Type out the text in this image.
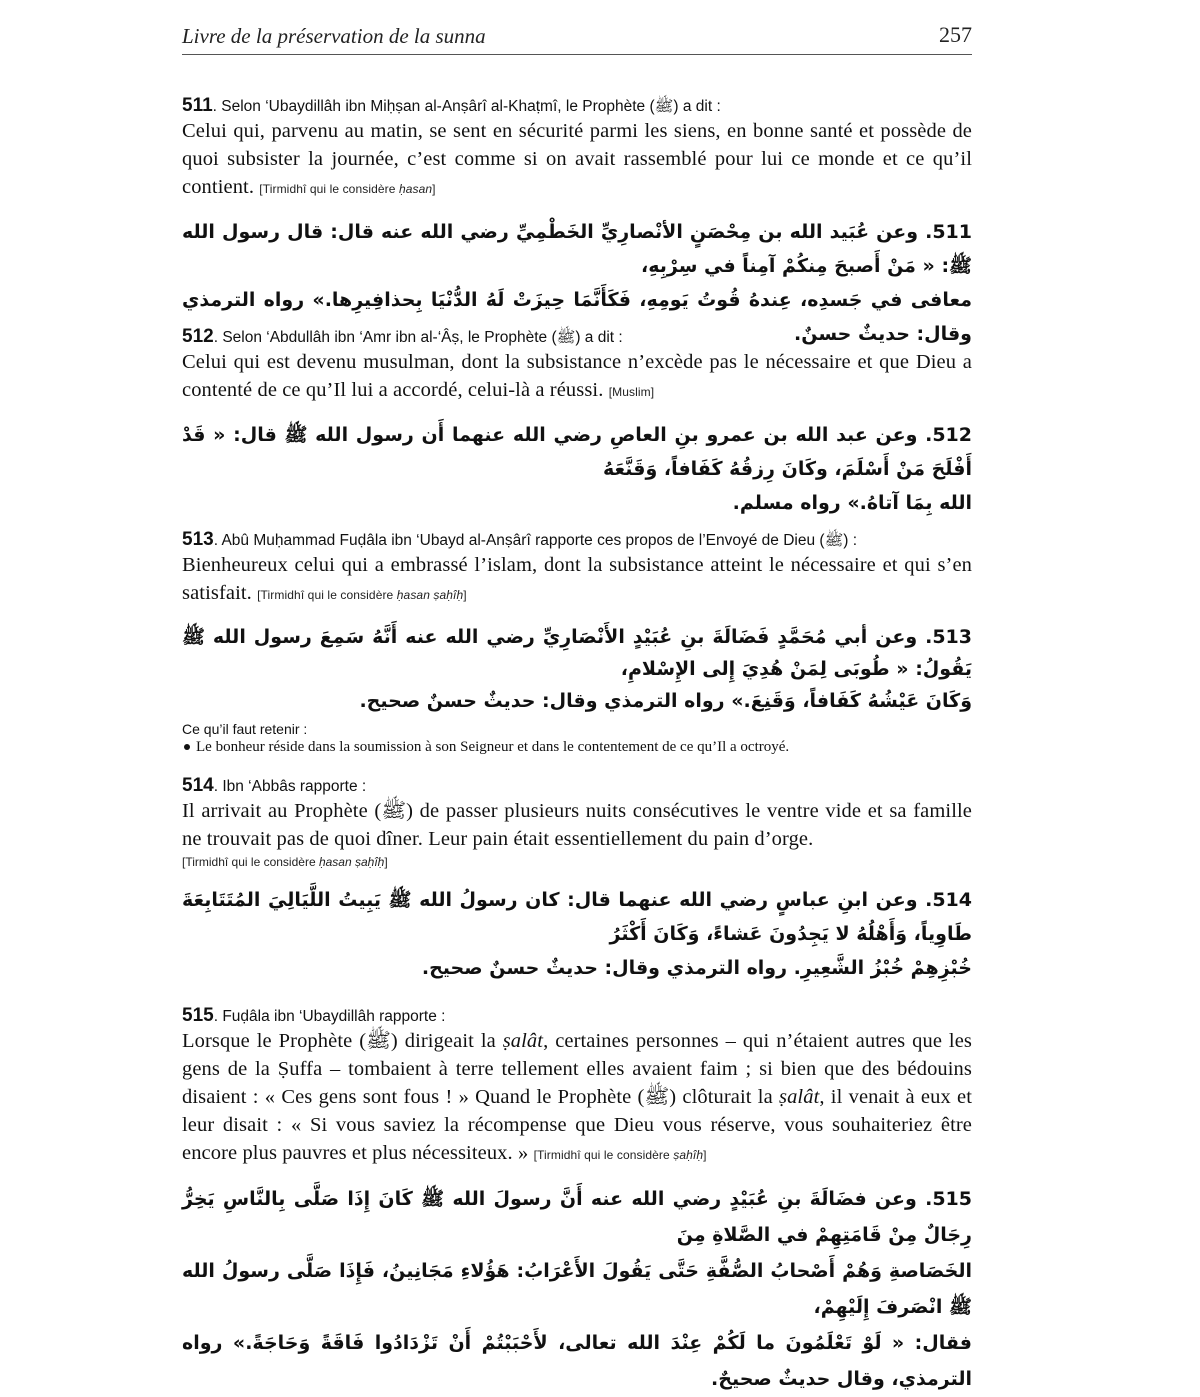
Livre de la préservation de la sunna	257
511. Selon ‘Ubaydillâh ibn Miḥṣan al-Anṣârî al-Khaṭmî, le Prophète (ﷺ) a dit :
Celui qui, parvenu au matin, se sent en sécurité parmi les siens, en bonne santé et possède de quoi subsister la journée, c’est comme si on avait rassemblé pour lui ce monde et ce qu’il contient. [Tirmidhî qui le considère ḥasan]
511. وعن عُبَيد الله بن مِحْصَنٍ الأنْصارِيِّ الخَطْمِيِّ رضي الله عنه قال: قال رسول الله ﷺ: « مَنْ أَصبحَ مِنكُمْ آمِناً في سِرْبِهِ،
معافى في جَسدِه، عِندهُ قُوتُ يَومِهِ، فَكَأَنَّمَا حِيزَتْ لَهُ الدُّنْيَا بِحذافِيرِها.» رواه الترمذي وقال: حديثٌ حسنٌ.
512. Selon ‘Abdullâh ibn ‘Amr ibn al-‘Âṣ, le Prophète (ﷺ) a dit :
Celui qui est devenu musulman, dont la subsistance n’excède pas le nécessaire et que Dieu a contenté de ce qu’Il lui a accordé, celui-là a réussi. [Muslim]
512. وعن عبد الله بن عمرو بنِ العاصِ رضي الله عنهما أَن رسول الله ﷺ قال: « قَدْ أَفْلَحَ مَنْ أَسْلَمَ، وكَانَ رِزقُهُ كَفَافاً، وَقَنَّعَهُ
الله بِمَا آتاهُ.» رواه مسلم.
513. Abû Muḥammad Fuḍâla ibn ‘Ubayd al-Anṣârî rapporte ces propos de l’Envoyé de Dieu (ﷺ) :
Bienheureux celui qui a embrassé l’islam, dont la subsistance atteint le nécessaire et qui s’en satisfait. [Tirmidhî qui le considère ḥasan ṣaḥîḥ]
513. وعن أبي مُحَمَّدٍ فَضَالَةَ بنِ عُبَيْدٍ الأَنْصَارِيِّ رضي الله عنه أَنَّهُ سَمِعَ رسول الله ﷺ يَقُولُ: « طُوبَى لِمَنْ هُدِيَ إِلى الإِسْلامِ،
وَكَانَ عَيْشُهُ كَفَافاً، وَقَنِعَ.» رواه الترمذي وقال: حديثٌ حسنٌ صحيح.
Ce qu’il faut retenir :
Le bonheur réside dans la soumission à son Seigneur et dans le contentement de ce qu’Il a octroyé.
514. Ibn ‘Abbâs rapporte :
Il arrivait au Prophète (ﷺ) de passer plusieurs nuits consécutives le ventre vide et sa famille ne trouvait pas de quoi dîner. Leur pain était essentiellement du pain d’orge.
[Tirmidhî qui le considère ḥasan ṣaḥîḥ]
514. وعن ابنِ عباسٍ رضي الله عنهما قال: كان رسولُ الله ﷺ يَبِيتُ اللَّيَالِيَ المُتَتَابِعَةَ طَاوِياً، وَأَهْلُهُ لا يَجِدُونَ عَشاءً، وَكَانَ أَكْثَرُ
خُبْزِهِمْ خُبْزُ الشَّعِيرِ. رواه الترمذي وقال: حديثٌ حسنٌ صحيح.
515. Fuḍâla ibn ‘Ubaydillâh rapporte :
Lorsque le Prophète (ﷺ) dirigeait la ṣalât, certaines personnes – qui n’étaient autres que les gens de la Ṣuffa – tombaient à terre tellement elles avaient faim ; si bien que des bédouins disaient : « Ces gens sont fous ! » Quand le Prophète (ﷺ) clôturait la ṣalât, il venait à eux et leur disait : « Si vous saviez la récompense que Dieu vous réserve, vous souhaiteriez être encore plus pauvres et plus nécessiteux. » [Tirmidhî qui le considère ṣaḥîḥ]
515. وعن فضَالَةَ بنِ عُبَيْدٍ رضي الله عنه أَنَّ رسولَ الله ﷺ كَانَ إِذَا صَلَّى بِالنَّاسِ يَخِرُّ رِجَالٌ مِنْ قَامَتِهِمْ في الصَّلاةِ مِنَ
الخَصَاصةِ وَهُمْ أَصْحابُ الصُّفَّةِ حَتَّى يَقُولَ الأَعْرَابُ: هَؤُلاءِ مَجَانِينُ، فَإِذَا صَلَّى رسولُ الله ﷺ انْصَرفَ إِلَيْهِمْ،
فقال: « لَوْ تَعْلَمُونَ ما لَكُمْ عِنْدَ الله تعالى، لأَحْبَبْتُمْ أَنْ تَزْدَادُوا فَاقَةً وَحَاجَةً.» رواه الترمذي، وقال حديثٌ صحيحٌ.
